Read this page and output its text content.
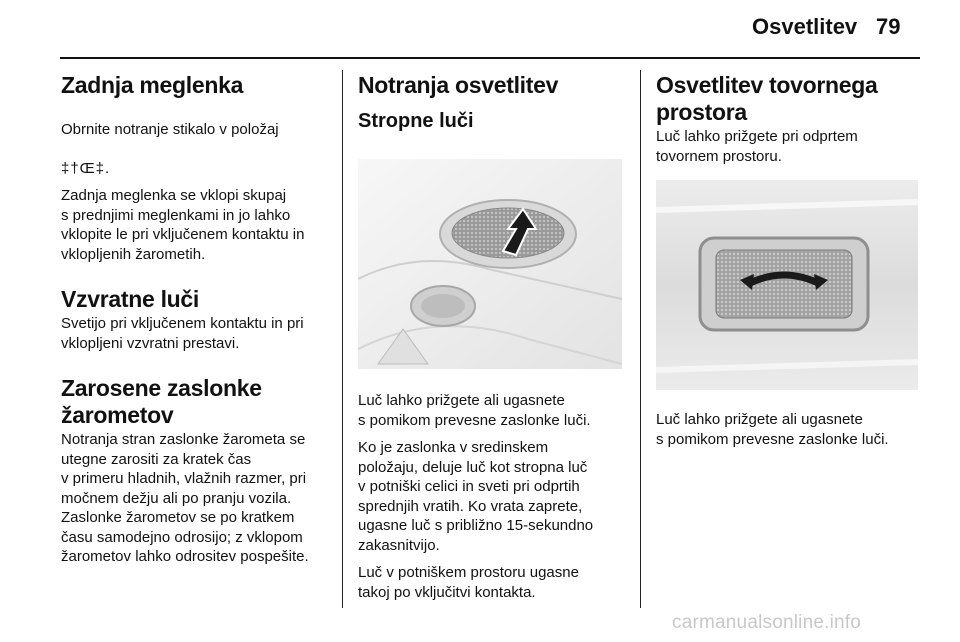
Osvetlitev 79
Zadnja meglenka

Obrnite notranje stikalo v položaj

‡†Œ‡.

Zadnja meglenka se vklopi skupaj
s prednjimi meglenkami in jo lahko
vklopite le pri vključenem kontaktu in
vklopljenih žarometih.

Vzvratne luči

Svetijo pri vključenem kontaktu in pri
vklopljeni vzvratni prestavi.

Zarosene zaslonke
žarometov

Notranja stran zaslonke žarometa se
utegne zarositi za kratek čas
v primeru hladnih, vlažnih razmer, pri
močnem dežju ali po pranju vozila.
Zaslonke žarometov se po kratkem
času samodejno odrosijo; z vklopom
žarometov lahko odrositev pospešite.

Notranja osvetlitev
Stropne luči

Luč lahko prižgete ali ugasnete
s pomikom prevesne zaslonke luči.

Ko je zaslonka v sredinskem
položaju, deluje luč kot stropna luč
v potniški celici in sveti pri odprtih
sprednjih vratih. Ko vrata zaprete,
ugasne luč s približno 15-sekundno
zakasnitvijo.

Luč v potniškem prostoru ugasne
takoj po vključitvi kontakta.

Osvetlitev tovornega
prostora

Luč lahko prižgete pri odprtem
tovornem prostoru.

Luč lahko prižgete ali ugasnete
s pomikom prevesne zaslonke luči.

carmanualsonline.info
